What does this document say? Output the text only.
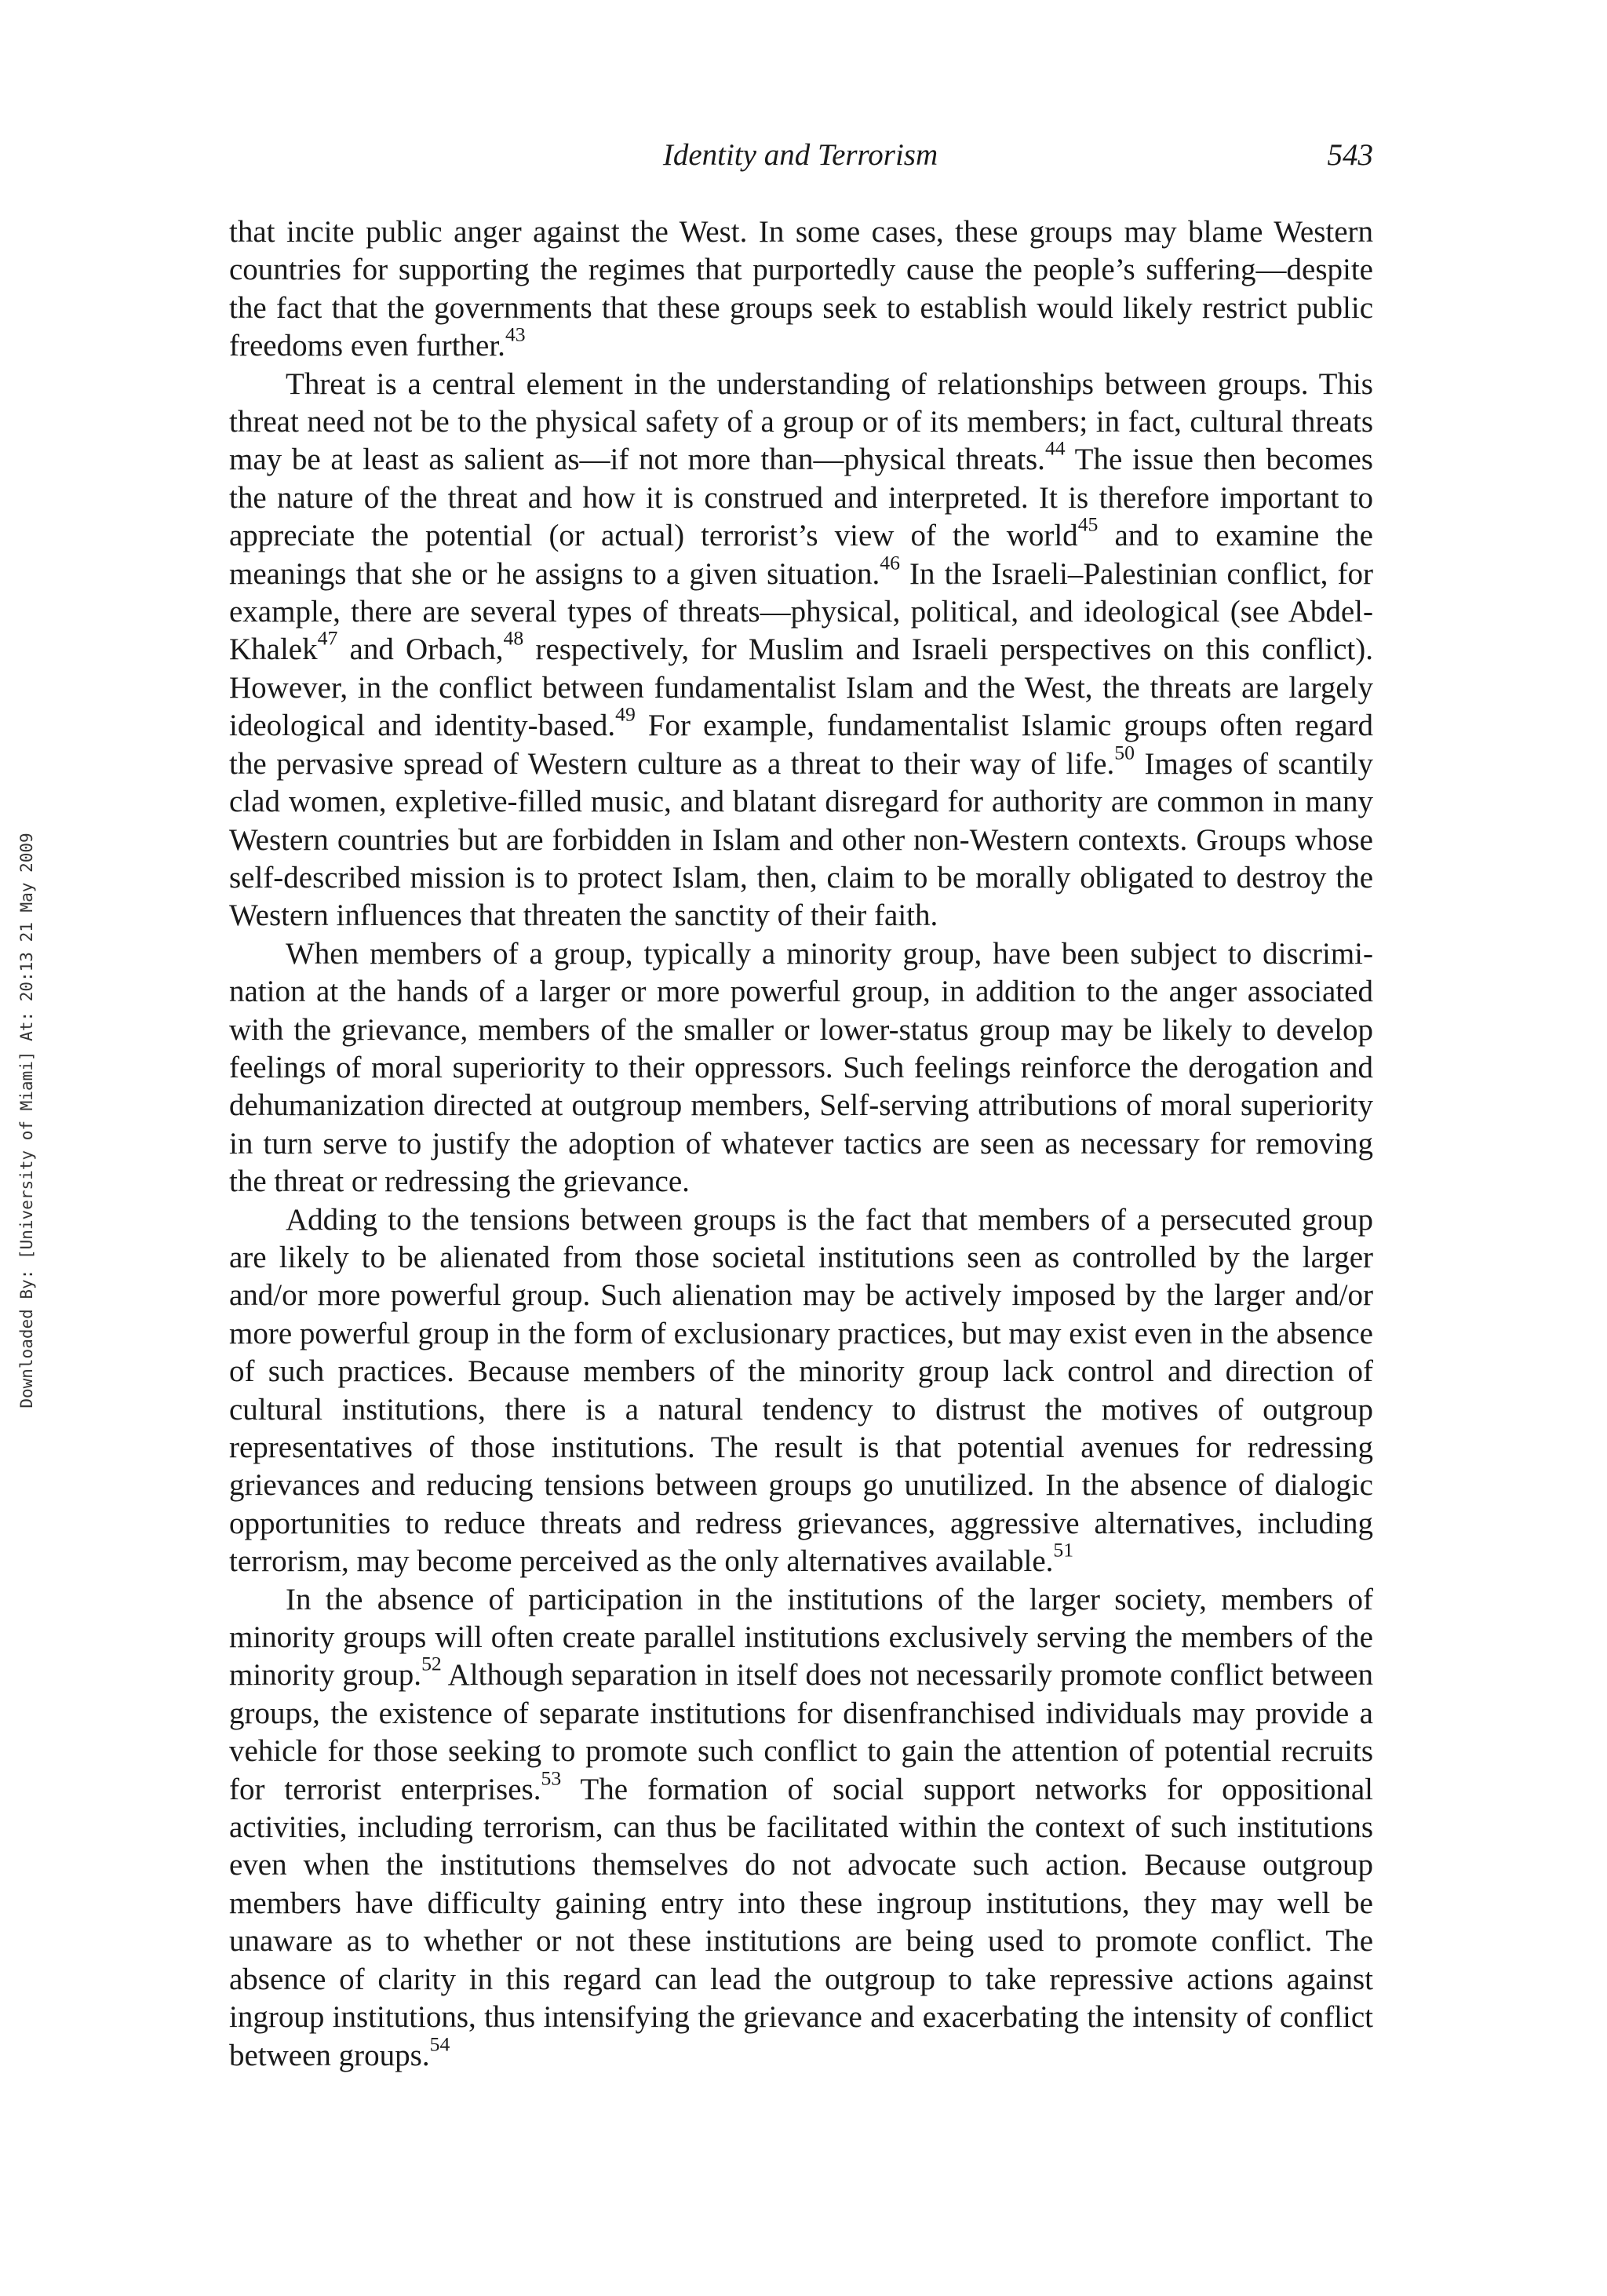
Identity and Terrorism	543
Downloaded By: [University of Miami] At: 20:13 21 May 2009

that incite public anger against the West. In some cases, these groups may blame Western countries for supporting the regimes that purportedly cause the people’s suffering—despite the fact that the governments that these groups seek to establish would likely restrict public freedoms even further.$^{43}$

Threat is a central element in the understanding of relationships between groups. This threat need not be to the physical safety of a group or of its members; in fact, cultural threats may be at least as salient as—if not more than—physical threats.$^{44}$ The issue then becomes the nature of the threat and how it is construed and interpreted. It is therefore important to appreciate the potential (or actual) terrorist’s view of the world$^{45}$ and to examine the meanings that she or he assigns to a given situation.$^{46}$ In the Israeli–Palestinian conflict, for example, there are several types of threats—physical, political, and ideological (see Abdel-Khalek$^{47}$ and Orbach,$^{48}$ respectively, for Muslim and Israeli perspectives on this conflict). However, in the conflict between fundamentalist Islam and the West, the threats are largely ideological and identity-based.$^{49}$ For example, fundamentalist Islamic groups often regard the pervasive spread of Western culture as a threat to their way of life.$^{50}$ Images of scantily clad women, expletive-filled music, and blatant disregard for authority are common in many Western countries but are forbidden in Islam and other non-Western contexts. Groups whose self-described mission is to protect Islam, then, claim to be morally obligated to destroy the Western influences that threaten the sanctity of their faith.

When members of a group, typically a minority group, have been subject to discrimination at the hands of a larger or more powerful group, in addition to the anger associated with the grievance, members of the smaller or lower-status group may be likely to develop feelings of moral superiority to their oppressors. Such feelings reinforce the derogation and dehumanization directed at outgroup members, Self-serving attributions of moral superiority in turn serve to justify the adoption of whatever tactics are seen as necessary for removing the threat or redressing the grievance.

Adding to the tensions between groups is the fact that members of a persecuted group are likely to be alienated from those societal institutions seen as controlled by the larger and/or more powerful group. Such alienation may be actively imposed by the larger and/or more powerful group in the form of exclusionary practices, but may exist even in the absence of such practices. Because members of the minority group lack control and direction of cultural institutions, there is a natural tendency to distrust the motives of outgroup representatives of those institutions. The result is that potential avenues for redressing grievances and reducing tensions between groups go unutilized. In the absence of dialogic opportunities to reduce threats and redress grievances, aggressive alternatives, including terrorism, may become perceived as the only alternatives available.$^{51}$

In the absence of participation in the institutions of the larger society, members of minority groups will often create parallel institutions exclusively serving the members of the minority group.$^{52}$ Although separation in itself does not necessarily promote conflict between groups, the existence of separate institutions for disenfranchised individuals may provide a vehicle for those seeking to promote such conflict to gain the attention of potential recruits for terrorist enterprises.$^{53}$ The formation of social support networks for oppositional activities, including terrorism, can thus be facilitated within the context of such institutions even when the institutions themselves do not advocate such action. Because outgroup members have difficulty gaining entry into these ingroup institutions, they may well be unaware as to whether or not these institutions are being used to promote conflict. The absence of clarity in this regard can lead the outgroup to take repressive actions against ingroup institutions, thus intensifying the grievance and exacerbating the intensity of conflict between groups.$^{54}$
